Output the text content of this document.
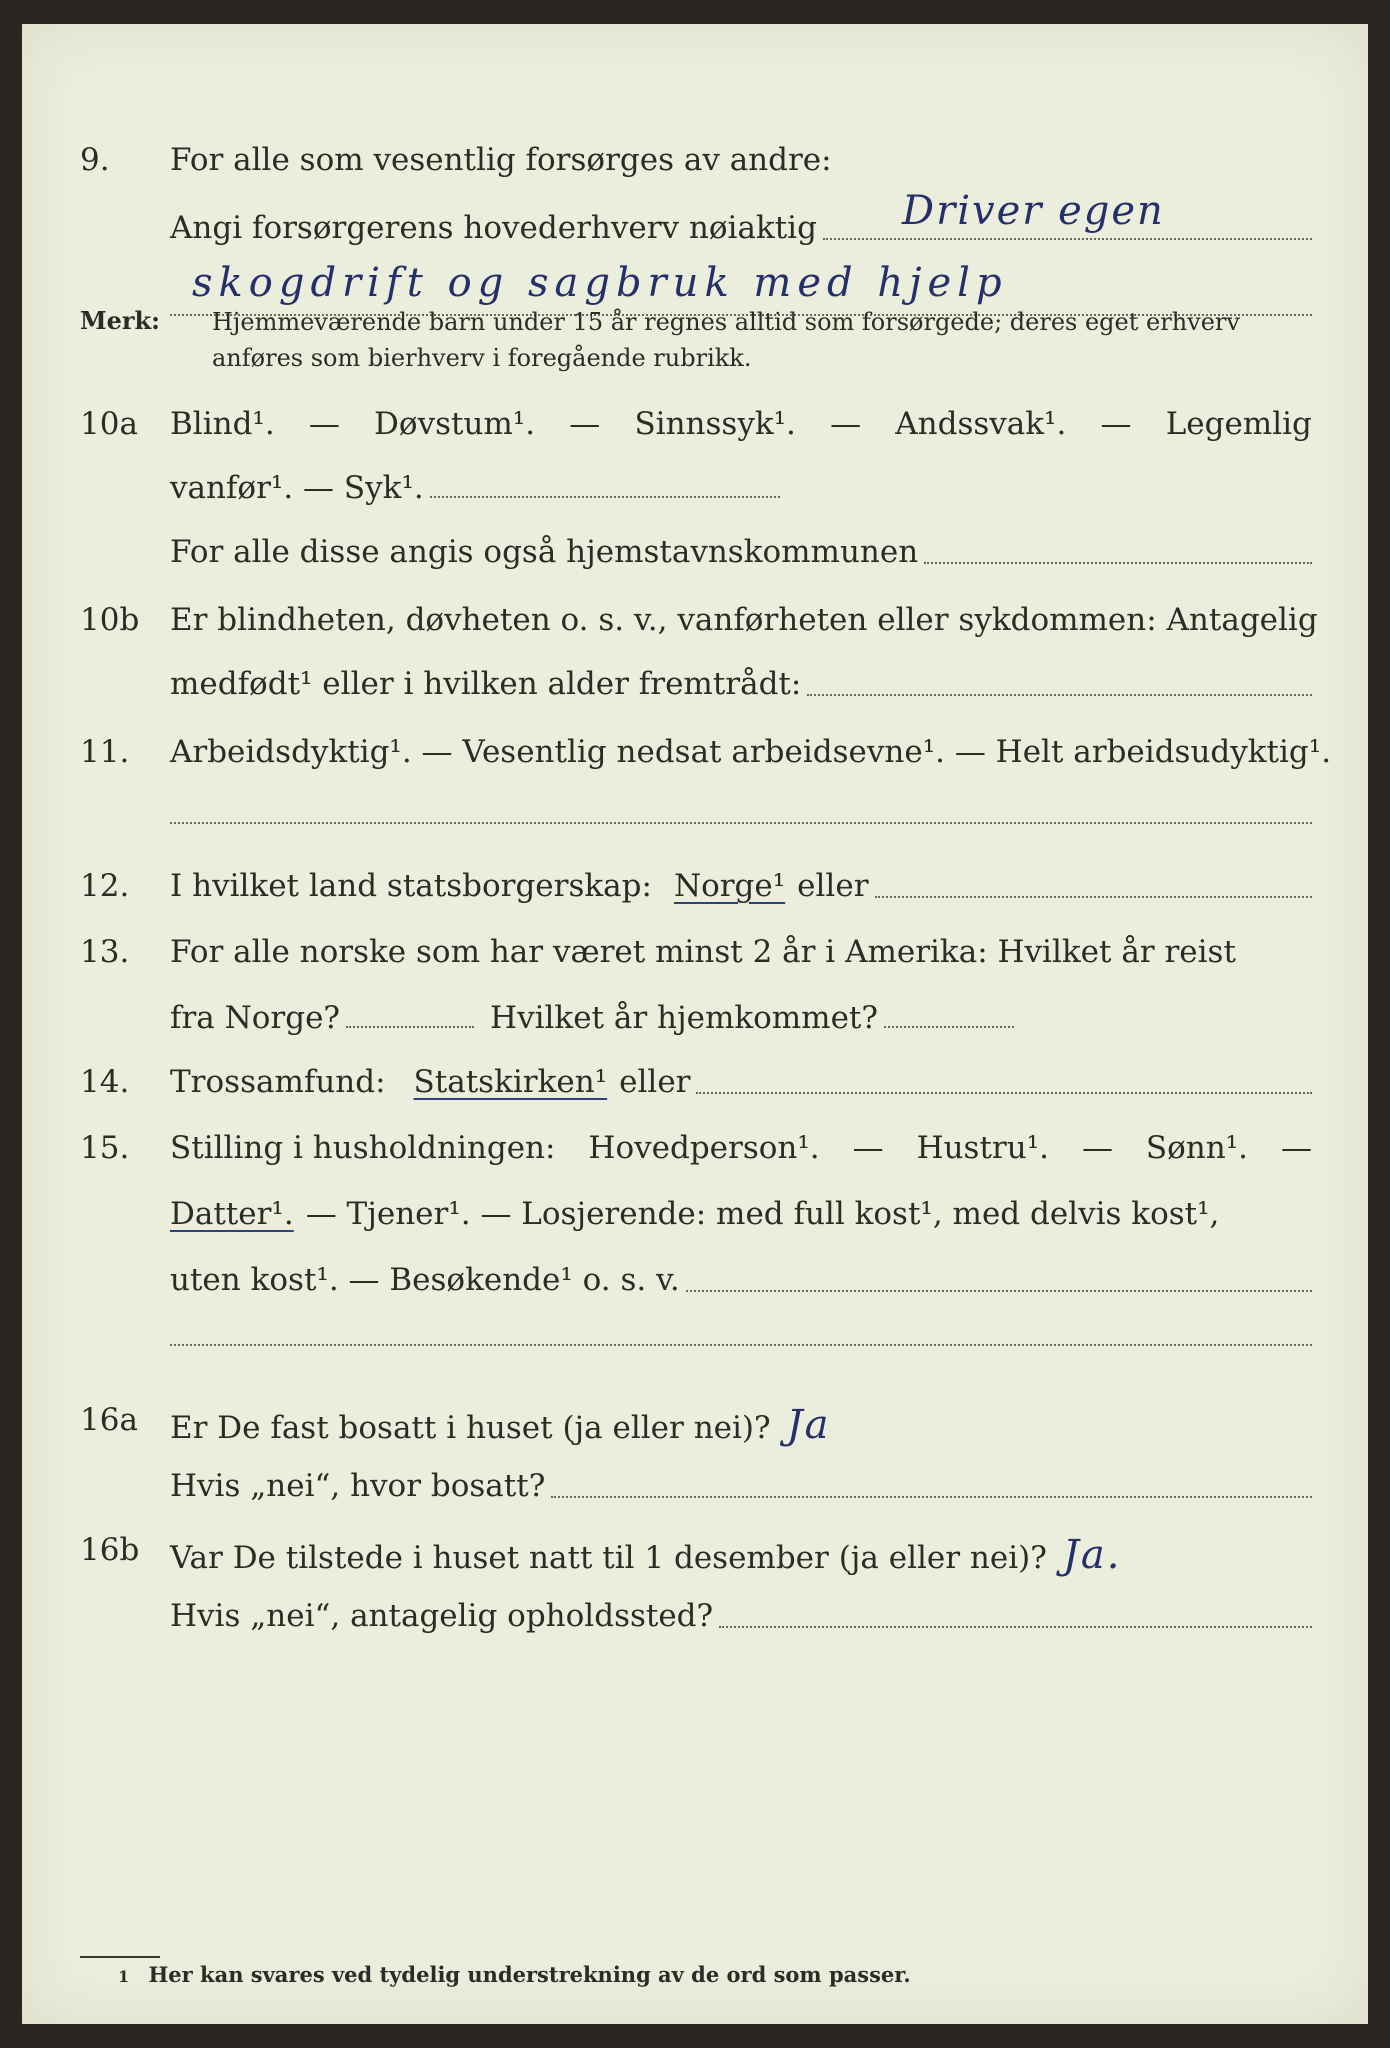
9. For alle som vesentlig forsørges av andre:
Angi forsørgerens hovederhverv nøiaktig Driver egen
skogdrift og sagbruk med hjelp
Merk: Hjemmeværende barn under 15 år regnes alltid som forsørgede; deres eget erhverv
anføres som bierhverv i foregående rubrikk.
10a Blind¹. — Døvstum¹. — Sinnssyk¹. — Andssvak¹. — Legemlig
vanfør¹. — Syk¹.
For alle disse angis også hjemstavnskommunen
10b Er blindheten, døvheten o. s. v., vanførheten eller sykdommen: Antagelig
medfødt¹ eller i hvilken alder fremtrådt:
11. Arbeidsdyktig¹. — Vesentlig nedsat arbeidsevne¹. — Helt arbeidsudyktig¹.
12. I hvilket land statsborgerskap: Norge¹ eller
13. For alle norske som har været minst 2 år i Amerika: Hvilket år reist
fra Norge?	Hvilket år hjemkommet?
14. Trossamfund: Statskirken¹ eller
15. Stilling i husholdningen: Hovedperson¹. — Hustru¹. — Sønn¹. —
Datter¹. — Tjener¹. — Losjerende: med full kost¹, med delvis kost¹,
uten kost¹. — Besøkende¹ o. s. v.
16a Er De fast bosatt i huset (ja eller nei)? Ja
Hvis „nei“, hvor bosatt?
16b Var De tilstede i huset natt til 1 desember (ja eller nei)? Ja.
Hvis „nei“, antagelig opholdssted?
1 Her kan svares ved tydelig understrekning av de ord som passer.
